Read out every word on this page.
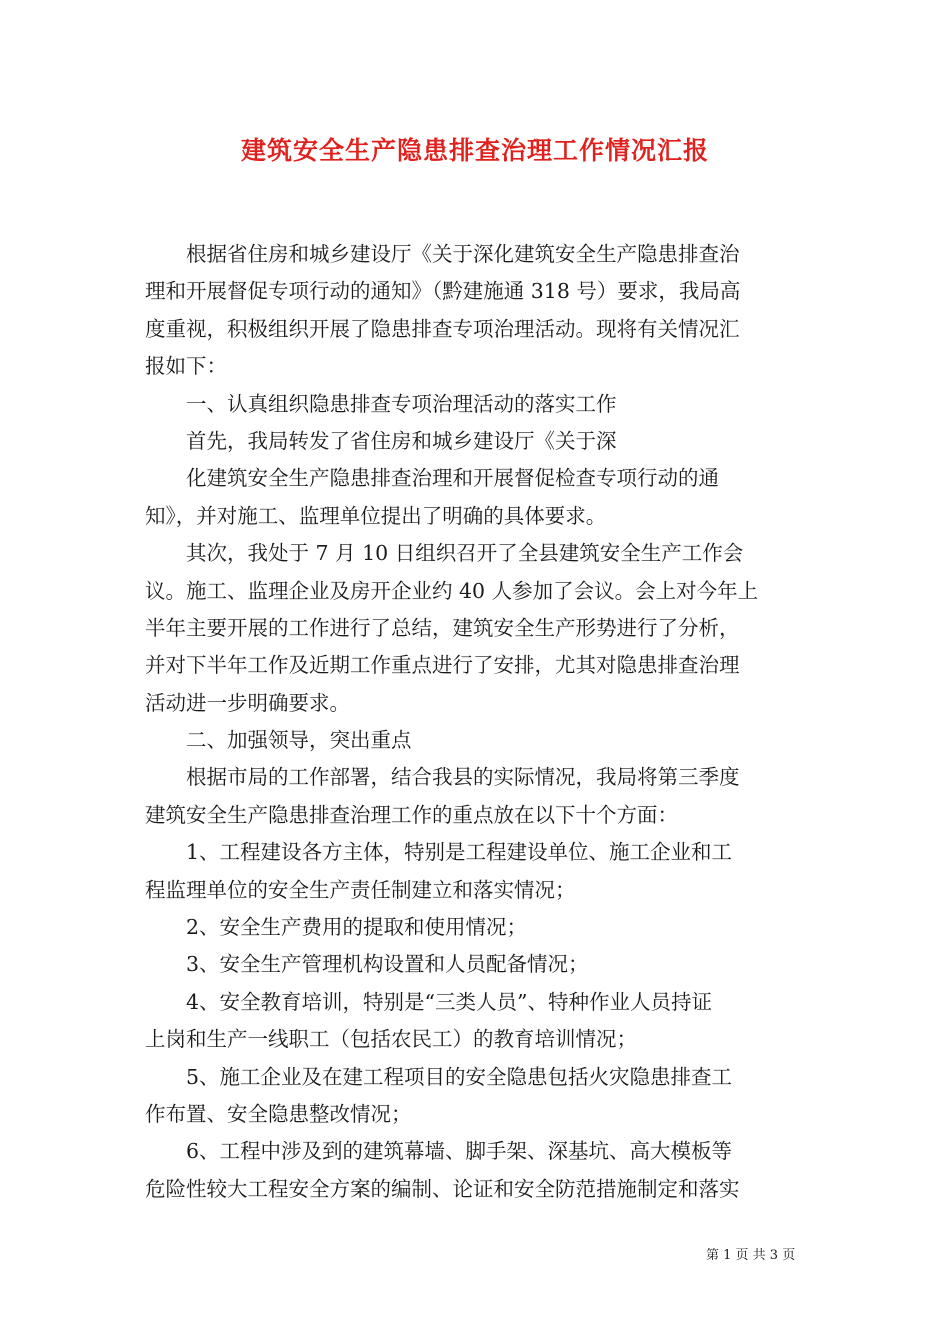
建筑安全生产隐患排查治理工作情况汇报
　　根据省住房和城乡建设厅《关于深化建筑安全生产隐患排查治
理和开展督促专项行动的通知》（黔建施通 318 号）要求，我局高
度重视，积极组织开展了隐患排查专项治理活动。现将有关情况汇
报如下：
　　一、认真组织隐患排查专项治理活动的落实工作
　　首先，我局转发了省住房和城乡建设厅《关于深
　　化建筑安全生产隐患排查治理和开展督促检查专项行动的通
知》，并对施工、监理单位提出了明确的具体要求。
　　其次，我处于 7 月 10 日组织召开了全县建筑安全生产工作会
议。施工、监理企业及房开企业约 40 人参加了会议。会上对今年上
半年主要开展的工作进行了总结，建筑安全生产形势进行了分析，
并对下半年工作及近期工作重点进行了安排，尤其对隐患排查治理
活动进一步明确要求。
　　二、加强领导，突出重点
　　根据市局的工作部署，结合我县的实际情况，我局将第三季度
建筑安全生产隐患排查治理工作的重点放在以下十个方面：
　　1、工程建设各方主体，特别是工程建设单位、施工企业和工
程监理单位的安全生产责任制建立和落实情况；
　　2、安全生产费用的提取和使用情况；
　　3、安全生产管理机构设置和人员配备情况；
　　4、安全教育培训，特别是“三类人员”、特种作业人员持证
上岗和生产一线职工（包括农民工）的教育培训情况；
　　5、施工企业及在建工程项目的安全隐患包括火灾隐患排查工
作布置、安全隐患整改情况；
　　6、工程中涉及到的建筑幕墙、脚手架、深基坑、高大模板等
危险性较大工程安全方案的编制、论证和安全防范措施制定和落实
第 1 页 共 3 页
